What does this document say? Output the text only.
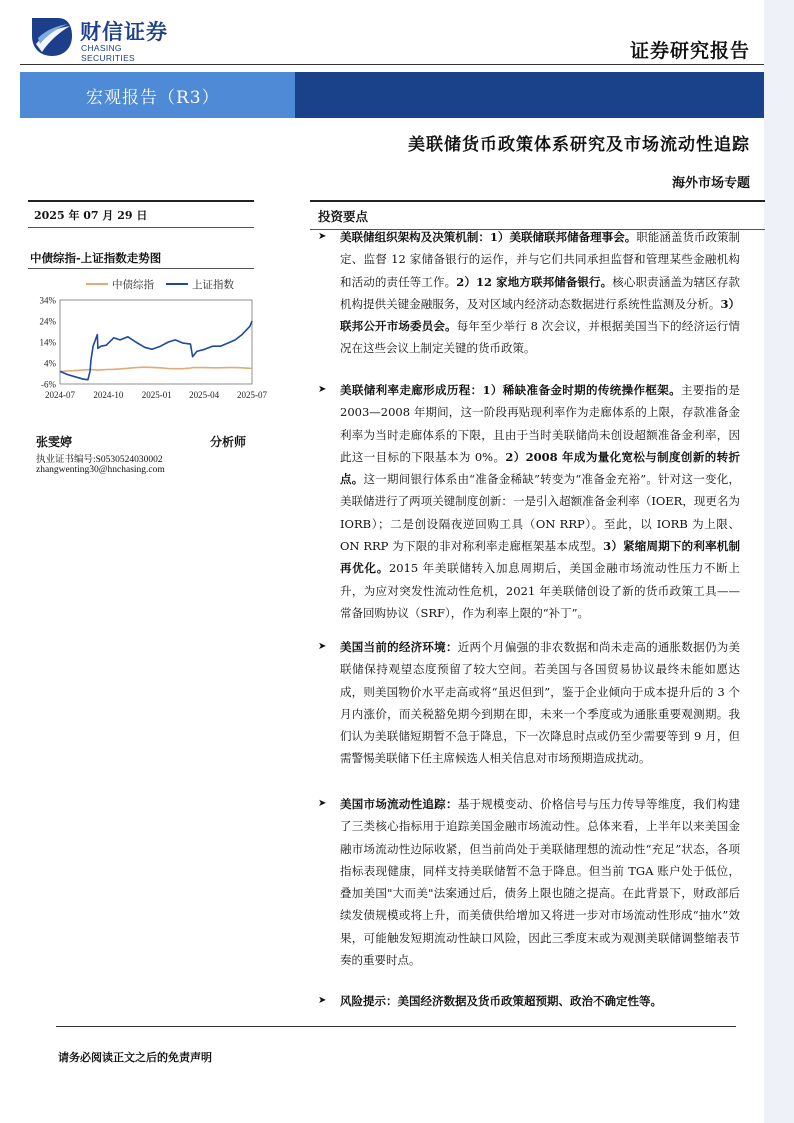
财信证券
CHASING SECURITIES	证券研究报告
宏观报告（R3）
美联储货币政策体系研究及市场流动性追踪
海外市场专题
2025 年 07 月 29 日
中债综指-上证指数走势图
中债综指	上证指数
34%
24%
14%
4%
-6%
2024-07 2024-10 2025-01 2025-04 2025-07
张雯婷	分析师
执业证书编号:S0530524030002
zhangwenting30@hnchasing.com
投资要点
➤	美联储组织架构及决策机制：1）美联储联邦储备理事会。职能涵盖货币政策制定、监督 12 家储备银行的运作，并与它们共同承担监督和管理某些金融机构和活动的责任等工作。2）12 家地方联邦储备银行。核心职责涵盖为辖区存款机构提供关键金融服务，及对区域内经济动态数据进行系统性监测及分析。3）联邦公开市场委员会。每年至少举行 8 次会议，并根据美国当下的经济运行情况在这些会议上制定关键的货币政策。
➤	美联储利率走廊形成历程：1）稀缺准备金时期的传统操作框架。主要指的是 2003—2008 年期间，这一阶段再贴现利率作为走廊体系的上限，存款准备金利率为当时走廊体系的下限，且由于当时美联储尚未创设超额准备金利率，因此这一目标的下限基本为 0%。2）2008 年成为量化宽松与制度创新的转折点。这一期间银行体系由“准备金稀缺”转变为“准备金充裕”。针对这一变化，美联储进行了两项关键制度创新：一是引入超额准备金利率（IOER，现更名为 IORB）；二是创设隔夜逆回购工具（ON RRP）。至此，以 IORB 为上限、ON RRP 为下限的非对称利率走廊框架基本成型。3）紧缩周期下的利率机制再优化。2015 年美联储转入加息周期后，美国金融市场流动性压力不断上升，为应对突发性流动性危机，2021 年美联储创设了新的货币政策工具——常备回购协议（SRF），作为利率上限的“补丁”。
➤	美国当前的经济环境：近两个月偏强的非农数据和尚未走高的通胀数据仍为美联储保持观望态度预留了较大空间。若美国与各国贸易协议最终未能如愿达成，则美国物价水平走高或将“虽迟但到”，鉴于企业倾向于成本提升后的 3 个月内涨价，而关税豁免期今到期在即，未来一个季度或为通胀重要观测期。我们认为美联储短期暂不急于降息，下一次降息时点或仍至少需要等到 9 月，但需警惕美联储下任主席候选人相关信息对市场预期造成扰动。
➤	美国市场流动性追踪：基于规模变动、价格信号与压力传导等维度，我们构建了三类核心指标用于追踪美国金融市场流动性。总体来看，上半年以来美国金融市场流动性边际收紧，但当前尚处于美联储理想的流动性“充足”状态，各项指标表现健康，同样支持美联储暂不急于降息。但当前 TGA 账户处于低位，叠加美国"大而美"法案通过后，债务上限也随之提高。在此背景下，财政部后续发债规模或将上升，而美债供给增加又将进一步对市场流动性形成“抽水”效果，可能触发短期流动性缺口风险，因此三季度末或为观测美联储调整缩表节奏的重要时点。
➤	风险提示：美国经济数据及货币政策超预期、政治不确定性等。
请务必阅读正文之后的免责声明
